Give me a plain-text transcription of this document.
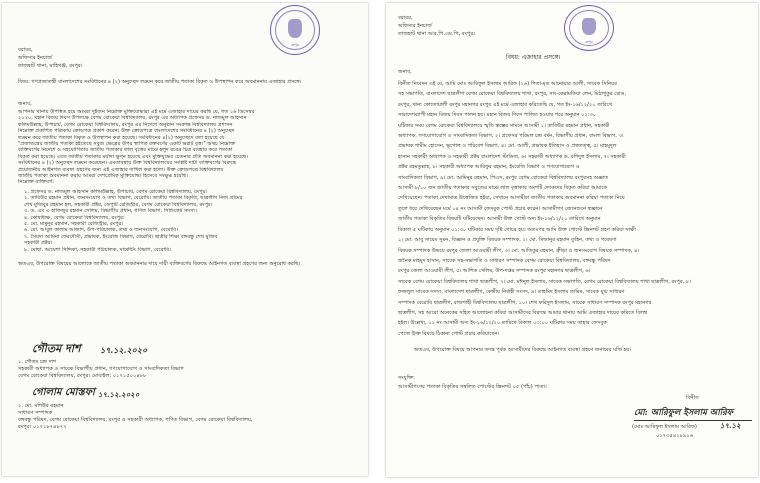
রংপুর
বরাবর,
অফিসার ইনচার্জ
তাজহাট থানা, মাহিগঞ্জ, রংপুর।
বিষয়: গণপ্রজাতন্ত্রী বাংলাদেশের সংবিধানের ৪ (২) অনুচ্ছেদ লঙ্ঘন করে জাতীয় পতাকা বিকৃত ও উপস্থাপন করে অবমাননার এজাহার প্রসঙ্গে।
জনাব,
আপনার থানায় উপস্থিত হয়ে আমরা দুইজন নিম্নোক্ত মুক্তিযোদ্ধারা এই মর্মে এজাহার দায়ের করছি যে, গত ১৬ ডিসেম্বর
২০২০, মহান বিজয় দিবস উপলক্ষে বেগম রোকেয়া বিশ্ববিদ্যালয়, রংপুর এর অধ্যাপক প্রফেসর ড. নাজমুল আহসান
কলিমউল্লাহ, উপাচার্য, বেগম রোকেয়া বিশ্ববিদ্যালয়, রংপুর এর নির্দেশে অনুষ্ঠান সংক্রান্ত বিশ্ববিদ্যালয় প্রশাসন
নিম্নোক্ত প্রকাশিত পত্রিকায় ক্রোড়পত্র প্রকাশ করেন। উক্ত ক্রোড়পত্রে বাংলাদেশের সংবিধানের ৪ (২) অনুচ্ছেদ
লঙ্ঘন করে জাতীয় পতাকা বিকৃত ও উপস্থাপন করা হয়েছে। সংবিধানের ৪(২) অনুচ্ছেদে বলা হয়েছে যে
"প্রজাতন্ত্রের জাতীয় পতাকা হইতেছে সবুজ ক্ষেত্রের উপর স্থাপিত রক্তবর্ণের একটি ভরাট বৃত্ত।" অথচ নিম্নোক্ত
ব্যক্তিবর্গের নির্দেশে ও সহযোগিতায় জাতীয় পতাকার লাল বৃত্তের মাঝে হলুদ রঙের চিত্র ব্যবহার করে পতাকা
বিকৃত করা হয়েছে। এতে জাতীয় পতাকার মর্যাদা ক্ষুণ্ন হয়েছে এবং মুক্তিযুদ্ধের চেতনার প্রতি অবমাননা করা হয়েছে।
সংবিধানের ৪ (২) অনুচ্ছেদ লঙ্ঘন করেছেন। এমতাবস্থায় উক্ত বিশ্ববিদ্যালয়ের সংশ্লিষ্ট দায়ী ব্যক্তিবর্গের বিরুদ্ধে
প্রয়োজনীয় আইনগত ব্যবস্থা গ্রহণের জন্য এই এজাহার দাখিল করা হলো। উক্ত ক্রোড়পত্রে বিশ্ববিদ্যালয়
জাতীয় পতাকা অবমাননা করায় আমরা দেশপ্রেমিক মুক্তিযোদ্ধা হিসেবে সংক্ষুব্ধ হয়েছি।
নিম্নোক্ত ব্যক্তিবর্গ:
১. প্রফেসর ড. নাজমুল আহসান কলিমউল্লাহ, উপাচার্য, বেগম রোকেয়া বিশ্ববিদ্যালয়, রংপুর।
২. তাবিউর রহমান প্রধান, জনসংযোগ ও তথ্য বিভাগ, বেরোবি। জাতীয় পতাকা বিকৃতি, ছাত্রলীগ নিজ গ্রামের
শেখ মুজিবুর রহমান হল, সহকারী প্রক্টর, ডেপুটি রেজিস্ট্রার, বেগম রোকেয়া বিশ্ববিদ্যালয়, রংপুর।
৩. ড. এম এ হাফিজুর রহমান সেলিম, বিভাগীয় প্রধান, গণিত বিভাগ, সিন্ডিকেট সদস্য।
৪. কোষাধ্যক্ষ, বেগম রোকেয়া বিশ্ববিদ্যালয়, রংপুর।
৫. মো. মামুনুর রহমান, সহকারী রেজিস্ট্রার, রংপুর।
৬. মো. আবুল কালাম আজাদ, উপ-পরিচালক, তথ্য ও জনসংযোগ, বেরোবি।
৭. সৈয়দা আমিনা ফেরদৌসী, প্রভাষক, ইংরেজি বিভাগ, বেরোবি। ছাত্রীর শিক্ষা বঙ্গবন্ধু শেখ মুজিব
সহকারী প্রক্টর।
৮. মোছা. আয়েশা সিদ্দিকা, সহকারী পরিচালক, মার্কেটিং বিভাগ, বেরোবি।
অতএব, উপরোক্ত বিষয়ের আলোকে জাতীয় পতাকা অবমাননার দায়ে দায়ী ব্যক্তিবর্গের বিরুদ্ধে আইনগত ব্যবস্থা গ্রহণের জন্য অনুরোধ করছি।
গৌতম দাশ ১৭.১২.২০২০
১. গৌতম চন্দ্র দাশ
সহকারী অধ্যাপক ও সাবেক বিভাগীয় প্রধান, গণযোগাযোগ ও সাংবাদিকতা বিভাগ
বেগম রোকেয়া বিশ্ববিদ্যালয়, রংপুর। মোবাইল: ০১৭১৫০০৪৮৮
গোলাম মোস্তফা ১৭.১২.২০২০
২. মো. মশিউর রহমান
সাধারণ সম্পাদক
বঙ্গবন্ধু পরিষদ, বেগম রোকেয়া বিশ্ববিদ্যালয়, রংপুর ও সহকারী অধ্যাপক, গণিত বিভাগ, বেগম রোকেয়া বিশ্ববিদ্যালয়,
রংপুর। ০১৭১৮৭৪৮৭৭
রংপুর
বরাবর,
অফিসার ইনচার্জ
তাজহাট থানা আর.পি.এম.পি, রংপুর।
বিষয়: এজাহার প্রসঙ্গে।
জনাব,
বিনীত নিবেদন এই যে, আমি মোঃ আরিফুল ইসলাম আরিফ (২৬) পিতা-মৃত আনোয়ার আলী, সাবেক সিনিয়র
সহ সভাপতি, বাংলাদেশ ছাত্রলীগ বেগম রোকেয়া বিশ্ববিদ্যালয় শাখা, রংপুর, সাং-কেরামতিয়া লেন, মিঠাপুকুর রোড,
রংপুর, থানা কোতোয়ালী রংপুর মহানগর রংপুর এই মর্মে এজাহার করিতেছি যে, গত ইং-১৬/১২/২০ তারিখে
সারাদেশব্যাপী মহান বিজয় দিবস পালন হয়। মহান বিজয় দিবস পালিত হওয়ার পরে অনুমান ০২:৩০
ঘটিকার সময় বেগম রোকেয়া বিশ্ববিদ্যালয়ে স্মৃতি স্তম্ভের সামনে আসামী ১। তাবিউর রহমান প্রধান, সহকারী
অধ্যাপক, গণযোগাযোগ ও সাংবাদিকতা বিভাগ, ২। প্রফেসর পরিমল চন্দ্র বর্মন, বিভাগীয় প্রধান, বাংলা বিভাগ, ৩।
প্রভাষক শামীম হোসেন, ভূগোল ও পরিবেশ বিভাগ, ৪। মো. আলী, প্রভাষক ইতিহাস ও প্রত্নতত্ত্ব, ৫। মাহমুদুল
হাসান সহকারী অধ্যাপক ও সহকারী প্রক্টর বাংলাদেশ স্টাডিজ, ৬। সহকারী অধ্যাপক ড. রশিদুল ইসলাম, ৭। সহকারী
প্রক্টর রহমতুল্লাহ, ৮। সহকারী অধ্যাপক আরিফুর রহমান, ইংরেজি বিভাগ ও গণযোগাযোগ ও
সাংবাদিকতা বিভাগ, ৯। মো. আমিনুর রহমান, পিএস, রংপুর বেগম রোকেয়া বিশ্ববিদ্যালয় রংপুরসহ অজ্ঞাত
আসামী ৮/১০ জন জাতীয় পতাকার সবুজের মাঝে লাল বৃত্তাকার অংশটি লোকদের বিকৃত করিয়া আমাকে
দেখিয়েছেন। পতাকা দেখামাত্র উত্তেজিত হইয়া, সেখানে আসামীরা জাতীয় পতাকার অবমাননা করিয়া পতাকা নিয়ে
তুলে ধরে দেখিয়েছেন মর্মে ০৪ নং আসামী ফেসবুক পোস্ট প্রচার করেন। আসামীগণ জেনেশুনে স্বজ্ঞানে
জাতীয় পতাকা বিকৃতির বিষয়টি ঘটিয়েছেন। আসামী উক্ত পোস্ট অদ্য ইং-১৬/১২/২০ তারিখে অনুমান
বিকাল ৫ ঘটিকায় অনুমান ০১:৩০ ঘটিকার সময় দৃষ্টি গোচর হয়। অতঃপর আমি উক্ত পোস্টে স্ক্রিনশট গ্রহণ করিয়া সাক্ষী
১। মো. আবু সায়েম সুমন, বিজ্ঞান ও প্রযুক্তি বিষয়ক সম্পাদক, ২। মো. মিজানুর রহমান তুহিন, তথ্য ও গবেষণা
বিষয়ক সম্পাদক উভয়ে রংপুর জেলা আওয়ামী লীগ, ৩। মো. আতিকুর রহমান, ক্রীড়া ও জনসংযোগ বিষয়ক সম্পাদক, ৪।
জনৈক মাহমুদ হাসান, সাবেক সহ-সভাপতি ও সাধারণ সম্পাদক বেগম রোকেয়া বিশ্ববিদ্যালয়, বঙ্গবন্ধু পরিষদ
রংপুর জেলা আওয়ামী লীগ, ৫। আশিক সেলিম, উপ-দপ্তর সম্পাদক রংপুর মহানগর ছাত্রলীগ, ৬।
সাবেক বেগম রোকেয়া বিশ্ববিদ্যালয় শাখা ছাত্রলীগ, ৭। মো. মঈনুল ইসলাম, সাবেক সভাপতি, বেগম রোকেয়া বিশ্ববিদ্যালয় শাখা ছাত্রলীগ, রংপুর, ৮।
ফজলুল সাবেক সদস্য, বাংলাদেশ ছাত্রলীগ, কেন্দ্রীয় নির্বাহী সংসদ, ৯। তাহমিদ ইসলাম তামিম, সাবেক যুগ্ম সাধারণ
সম্পাদক বেরোবি ছাত্রলীগ, রাজশাহী বিশ্ববিদ্যালয় ছাত্রলীগ, ১০। শেখ ফরিদুল ইসলাম, সাবেক সাধারণ সম্পাদক রংপুর মহানগর
ছাত্রলীগ, সহ আরো অনেকের সহিত আলোচনা করিয়া আসামীদের বিরুদ্ধে আমার থানায় আমি এজাহার দায়ের করিতে বিলম্ব
হইল। উল্লেখ্য, ০১ নং আসামী অদ্য ইং-১৬/১২/২০ তারিখে বিকাল ০৩:০০ ঘটিকার সময় তাহার ফেসবুক
পেজে উক্ত বিষয়ে ঠিকানা পোস্ট প্রচার করিয়াছেন।
অতএব, উপরোক্ত বিষয়ে আপনার তদন্ত পূর্বক আসামীদের বিরুদ্ধে আইনগত ব্যবস্থা গ্রহণে জনাবের মর্জি হয়।
সংযুক্তি:
আসামীগণের পতাকা বিকৃতির সম্বলিত পোস্টের স্ক্রিনশট ০৫ (পাঁচ) পাতা।
বিনীত
মো: আরিফুল ইসলাম আরিফ
(মোঃ আরিফুল ইসলাম আরিফ)	১৭.১২
০১৭৩৫৪২৮৯২৬
